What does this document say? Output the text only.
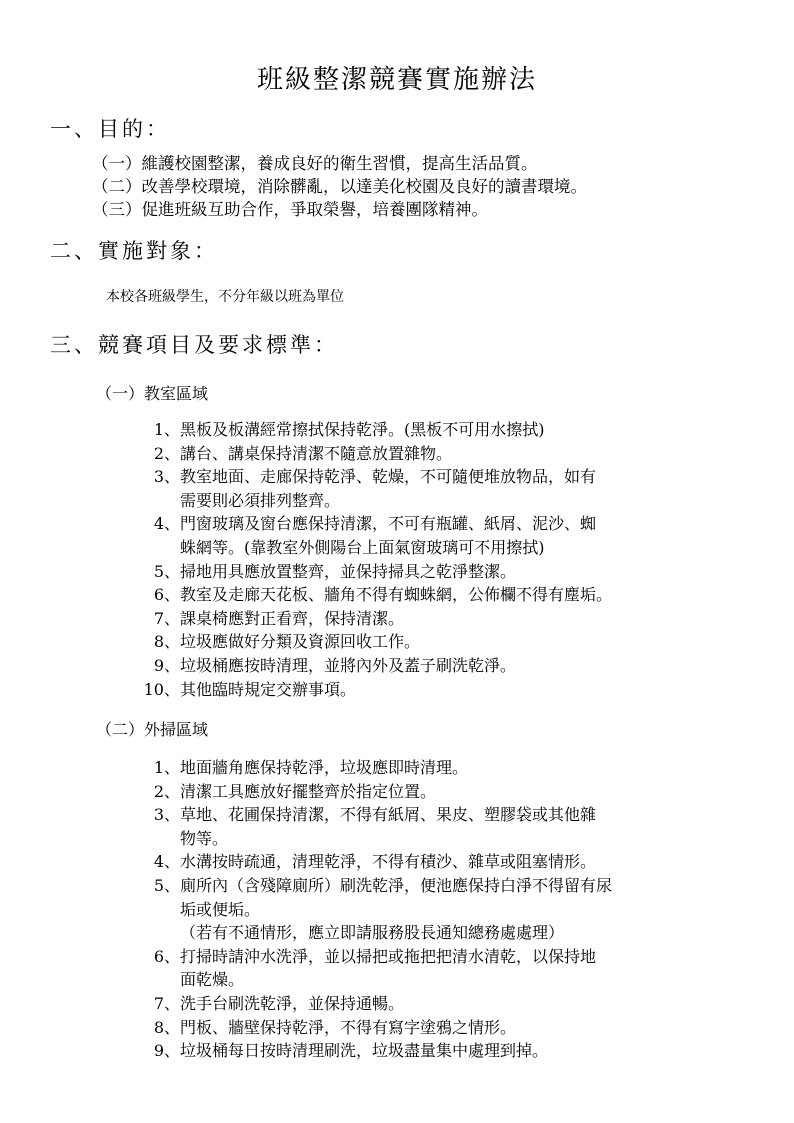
班級整潔競賽實施辦法
一、目的：
（一）維護校園整潔，養成良好的衛生習慣，提高生活品質。
（二）改善學校環境，消除髒亂，以達美化校園及良好的讀書環境。
（三）促進班級互助合作，爭取榮譽，培養團隊精神。
二、實施對象：
本校各班級學生，不分年級以班為單位
三、競賽項目及要求標準：
（一）教室區域
1、 黑板及板溝經常擦拭保持乾淨。(黑板不可用水擦拭)
2、 講台、講桌保持清潔不隨意放置雜物。
3、 教室地面、走廊保持乾淨、乾燥，不可隨便堆放物品，如有
需要則必須排列整齊。
4、 門窗玻璃及窗台應保持清潔，不可有瓶罐、紙屑、泥沙、蜘
蛛網等。(靠教室外側陽台上面氣窗玻璃可不用擦拭)
5、 掃地用具應放置整齊，並保持掃具之乾淨整潔。
6、 教室及走廊天花板、牆角不得有蜘蛛網，公佈欄不得有塵垢。
7、 課桌椅應對正看齊，保持清潔。
8、 垃圾應做好分類及資源回收工作。
9、 垃圾桶應按時清理，並將內外及蓋子刷洗乾淨。
10、 其他臨時規定交辦事項。
（二）外掃區域
1、 地面牆角應保持乾淨，垃圾應即時清理。
2、 清潔工具應放好擺整齊於指定位置。
3、 草地、花圃保持清潔，不得有紙屑、果皮、塑膠袋或其他雜
物等。
4、 水溝按時疏通，清理乾淨，不得有積沙、雜草或阻塞情形。
5、 廁所內（含殘障廁所）刷洗乾淨，便池應保持白淨不得留有尿
垢或便垢。
（若有不通情形，應立即請服務股長通知總務處處理）
6、 打掃時請沖水洗淨，並以掃把或拖把把清水清乾，以保持地
面乾燥。
7、 洗手台刷洗乾淨，並保持通暢。
8、 門板、牆壁保持乾淨，不得有寫字塗鴉之情形。
9、 垃圾桶每日按時清理刷洗，垃圾盡量集中處理到掉。
